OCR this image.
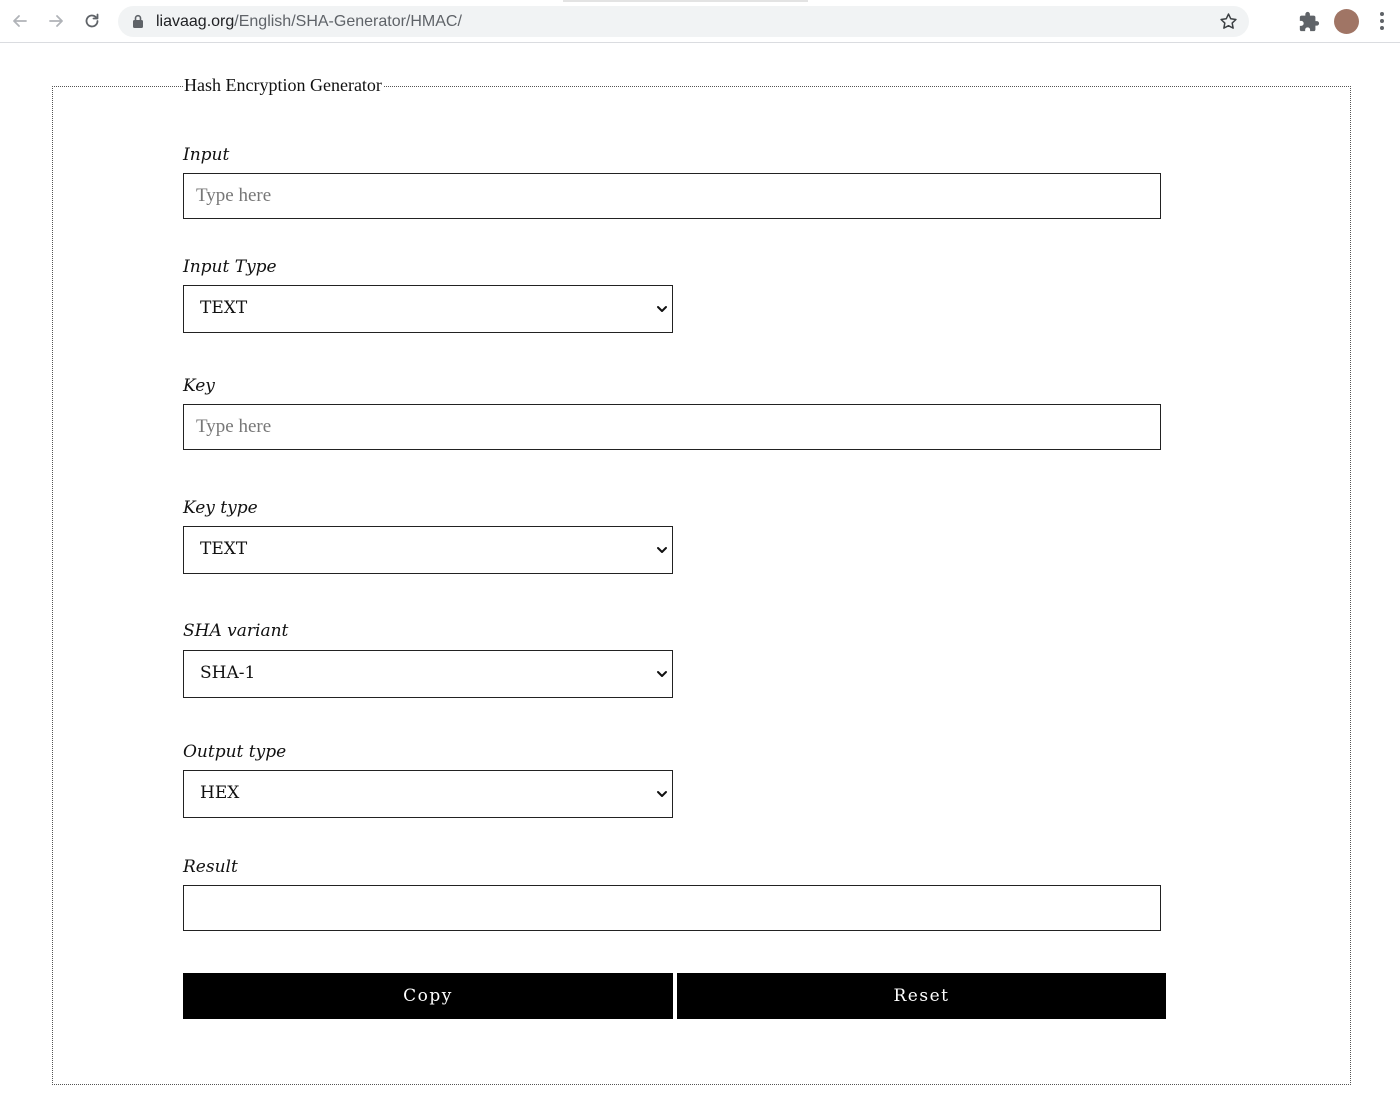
liavaag.org/English/SHA-Generator/HMAC/
Hash Encryption Generator
Input
Type here
Input Type
TEXT
Key
Type here
Key type
TEXT
SHA variant
SHA-1
Output type
HEX
Result
Copy	Reset
